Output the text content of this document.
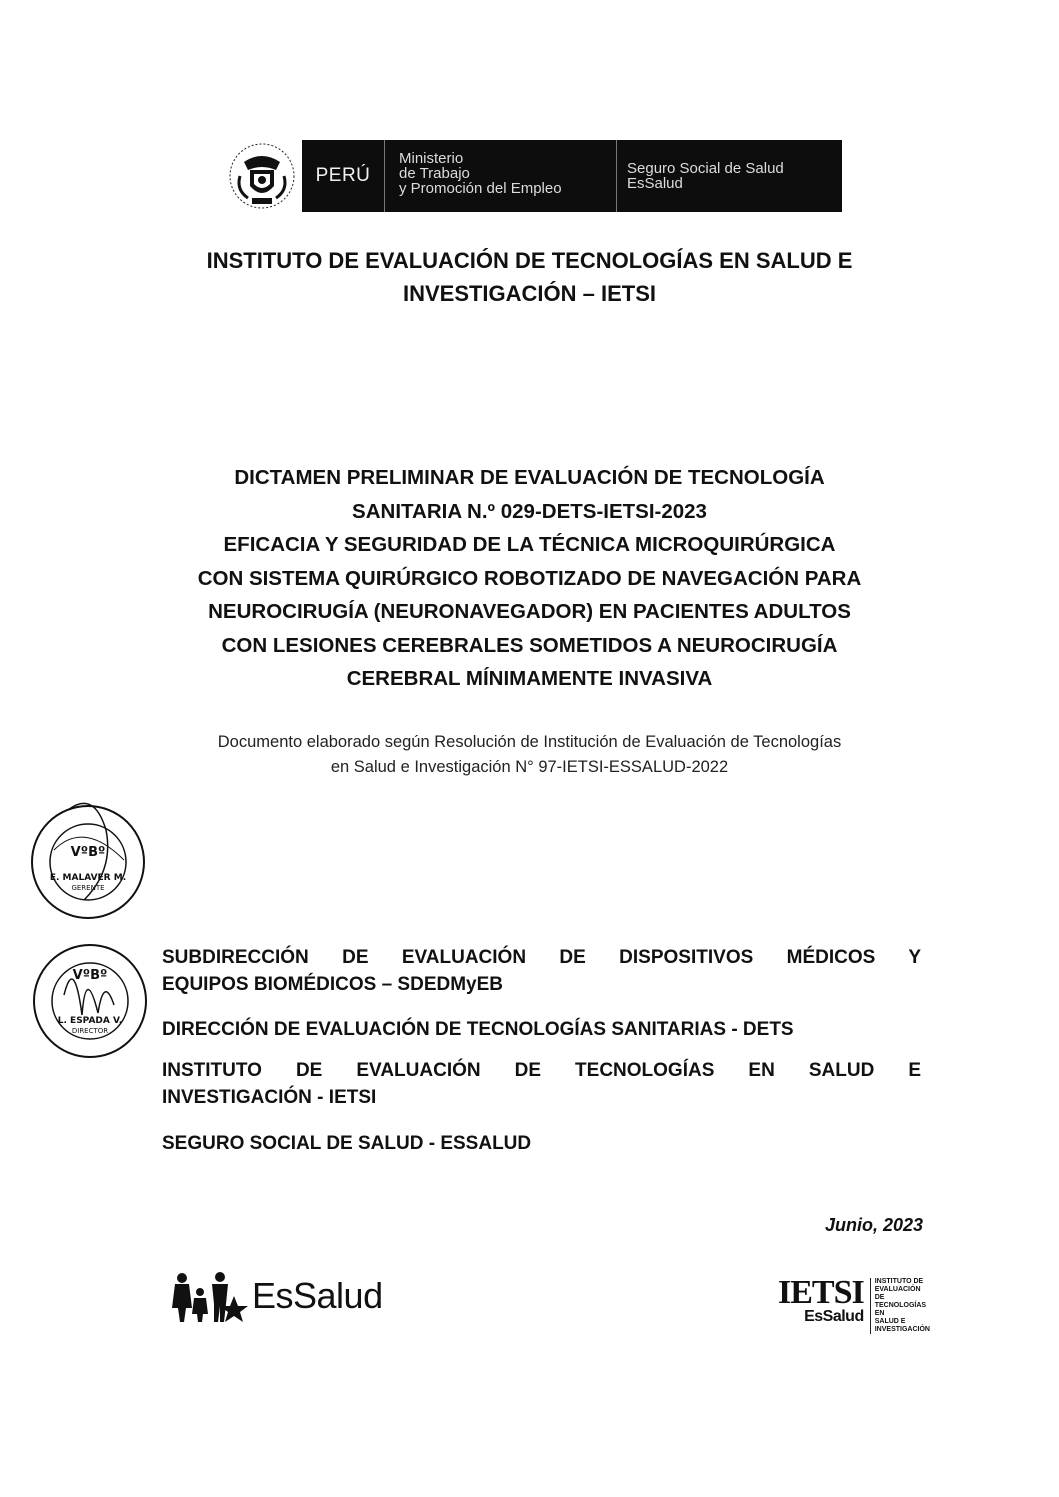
PERÚ
Ministerio
de Trabajo
y Promoción del Empleo
Seguro Social de Salud
EsSalud
INSTITUTO DE EVALUACIÓN DE TECNOLOGÍAS EN SALUD E
INVESTIGACIÓN – IETSI
DICTAMEN PRELIMINAR DE EVALUACIÓN DE TECNOLOGÍA
SANITARIA N.º 029-DETS-IETSI-2023
EFICACIA Y SEGURIDAD DE LA TÉCNICA MICROQUIRÚRGICA
CON SISTEMA QUIRÚRGICO ROBOTIZADO DE NAVEGACIÓN PARA
NEUROCIRUGÍA (NEURONAVEGADOR) EN PACIENTES ADULTOS
CON LESIONES CEREBRALES SOMETIDOS A NEUROCIRUGÍA
CEREBRAL MÍNIMAMENTE INVASIVA
Documento elaborado según Resolución de Institución de Evaluación de Tecnologías
en Salud e Investigación N° 97-IETSI-ESSALUD-2022
VºBº
E. MALAVER M.
GERENTE
VºBº
L. ESPADA V.
DIRECTOR

SUBDIRECCIÓN DE EVALUACIÓN DE DISPOSITIVOS MÉDICOS Y

EQUIPOS BIOMÉDICOS – SDEDMyEB

DIRECCIÓN DE EVALUACIÓN DE TECNOLOGÍAS SANITARIAS - DETS

INSTITUTO DE EVALUACIÓN DE TECNOLOGÍAS EN SALUD E

INVESTIGACIÓN - IETSI

SEGURO SOCIAL DE SALUD - ESSALUD

Junio, 2023
EsSalud	IETSI
EsSalud
INSTITUTO DE
EVALUACIÓN DE
TECNOLOGÍAS EN
SALUD E
INVESTIGACIÓN
